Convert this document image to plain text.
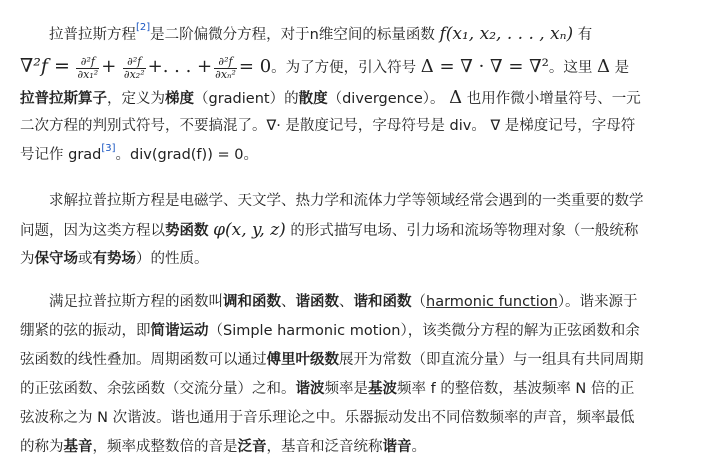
拉普拉斯方程[2]是二阶偏微分方程，对于n维空间的标量函数 f(x₁, x₂, . . . , xₙ) 有
$\nabla^2f = \frac{\text{∂²f}}{\text{∂x₁²}} + \frac{\text{∂²f}}{\text{∂x₂²}}$ +. . . + $\frac{\text{∂²f}}{\text{∂xₙ²}} = 0$。为了方便，引入符号 Δ = ∇ · ∇ = ∇²。这里 Δ 是
拉普拉斯算子，定义为梯度（gradient）的散度（divergence）。 Δ 也用作微小增量符号、一元
二次方程的判别式符号，不要搞混了。∇· 是散度记号，字母符号是 div。 ∇ 是梯度记号，字母符
号记作 grad[3]。div(grad(f)) = 0。
求解拉普拉斯方程是电磁学、天文学、热力学和流体力学等领域经常会遇到的一类重要的数学
问题，因为这类方程以势函数 φ(x, y, z) 的形式描写电场、引力场和流场等物理对象（一般统称
为保守场或有势场）的性质。
满足拉普拉斯方程的函数叫调和函数、谐函数、谐和函数（harmonic function）。谐来源于
绷紧的弦的振动，即简谐运动（Simple harmonic motion），该类微分方程的解为正弦函数和余
弦函数的线性叠加。周期函数可以通过傅里叶级数展开为常数（即直流分量）与一组具有共同周期
的正弦函数、余弦函数（交流分量）之和。谐波频率是基波频率 f 的整倍数，基波频率 N 倍的正
弦波称之为 N 次谐波。谐也通用于音乐理论之中。乐器振动发出不同倍数频率的声音，频率最低
的称为基音，频率成整数倍的音是泛音，基音和泛音统称谐音。
